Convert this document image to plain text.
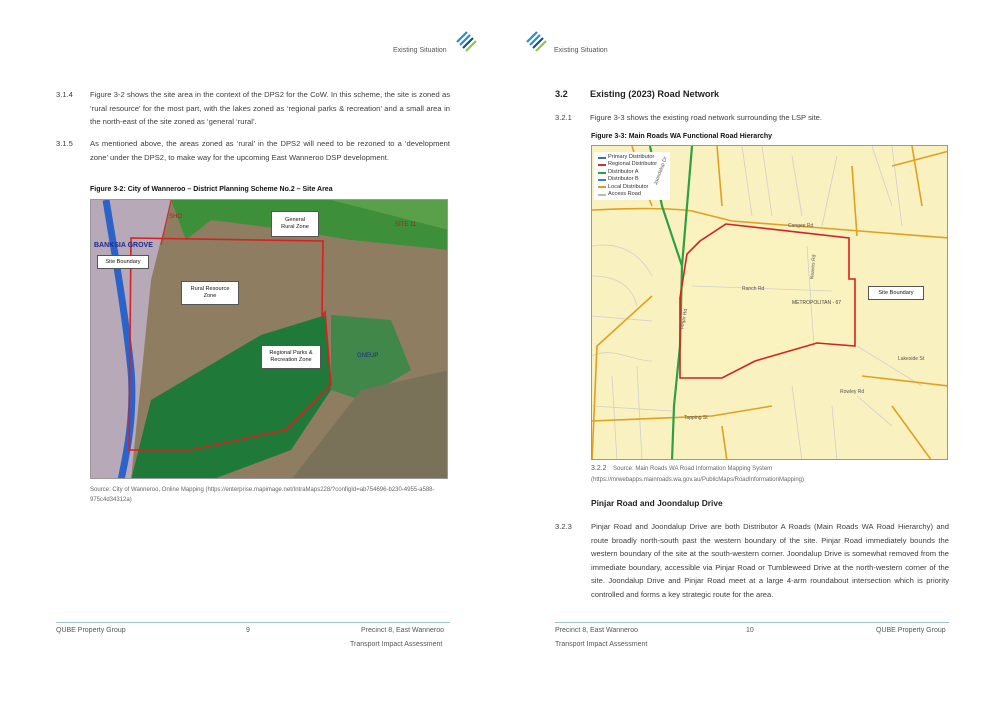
Existing Situation
3.1.4 Figure 3-2 shows the site area in the context of the DPS2 for the CoW. In this scheme, the site is zoned as ‘rural resource’ for the most part, with the lakes zoned as ‘regional parks & recreation’ and a small area in the north-east of the site zoned as ‘general ‘rural’.

3.1.5 As mentioned above, the areas zoned as ‘rural’ in the DPS2 will need to be rezoned to a ‘development zone’ under the DPS2, to make way for the upcoming East Wanneroo DSP development.

Figure 3-2: City of Wanneroo – District Planning Scheme No.2 – Site Area
BANKSIA GROVE
SHO
SITE 11
GNEUP
General
Rural Zone
Site Boundary
Rural Resource
Zone
Regional Parks &
Recreation Zone

Source: City of Wanneroo, Online Mapping (https://enterprise.mapimage.net/IntraMaps228/?configId=ab754696-b230-4955-a588-975c4d34312a)

QUBE Property Group	9	Precinct 8, East Wanneroo
Transport Impact Assessment
Existing Situation
3.2 Existing (2023) Road Network
3.2.1 Figure 3-3 shows the existing road network surrounding the LSP site.

Figure 3-3: Main Roads WA Functional Road Hierarchy
Primary Distributor
Regional Distributor
Distributor A
Distributor B
Local Distributor
Access Road
Site Boundary
METROPOLITAN - 67
Ranch Rd
Congee Rd
Lakeside St
Rowley Rd
Topping St
Pinjar Rd
Joondalup Dr
Neaves Rd
3.2.2 Source: Main Roads WA Road Information Mapping System
(https://mrwebapps.mainroads.wa.gov.au/PublicMaps/RoadInformationMapping)
Pinjar Road and Joondalup Drive
3.2.3	Pinjar Road and Joondalup Drive are both Distributor A Roads (Main Roads WA Road Hierarchy) and route broadly north-south past the western boundary of the site. Pinjar Road immediately bounds the western boundary of the site at the south-western corner. Joondalup Drive is somewhat removed from the immediate boundary, accessible via Pinjar Road or Tumbleweed Drive at the north-western corner of the site. Joondalup Drive and Pinjar Road meet at a large 4-arm roundabout intersection which is priority controlled and forms a key strategic route for the area.

Precinct 8, East Wanneroo
Transport Impact Assessment
10	QUBE Property Group
